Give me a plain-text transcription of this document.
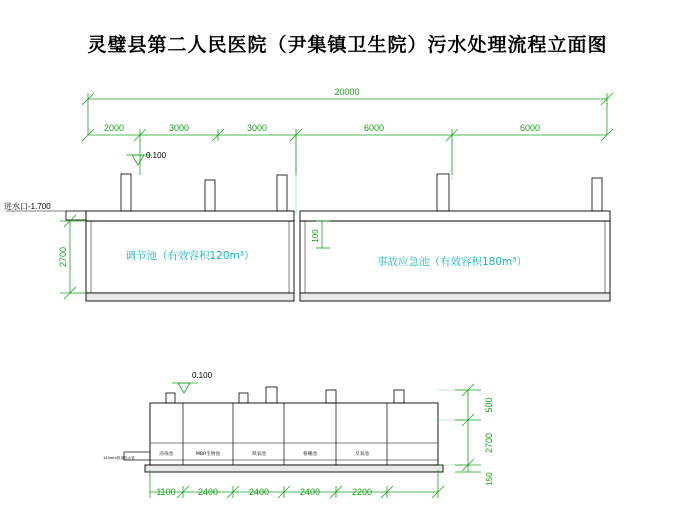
灵璧县第二人民医院（尹集镇卫生院）污水处理流程立面图
20000
2000	3000	3000	6000	6000
0.100
进水口-1.700
2700
100
调节池（有效容积120m³）	事故应急池（有效容积180m³）
0.100
150mm管道出水管
消毒池	MBR生物池	缺氧池	格栅池	反氧池
1100 2400	2400	2400	2200
500
2700
150
